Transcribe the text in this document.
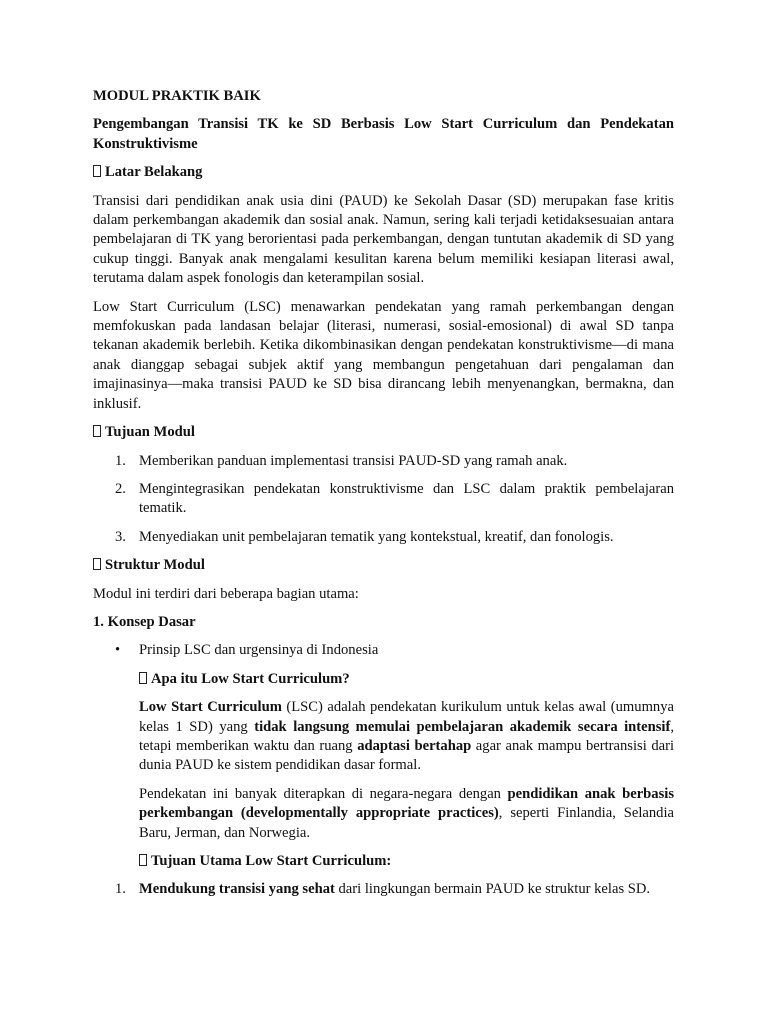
MODUL PRAKTIK BAIK

Pengembangan Transisi TK ke SD Berbasis Low Start Curriculum dan Pendekatan Konstruktivisme

Latar Belakang

Transisi dari pendidikan anak usia dini (PAUD) ke Sekolah Dasar (SD) merupakan fase kritis dalam perkembangan akademik dan sosial anak. Namun, sering kali terjadi ketidaksesuaian antara pembelajaran di TK yang berorientasi pada perkembangan, dengan tuntutan akademik di SD yang cukup tinggi. Banyak anak mengalami kesulitan karena belum memiliki kesiapan literasi awal, terutama dalam aspek fonologis dan keterampilan sosial.

Low Start Curriculum (LSC) menawarkan pendekatan yang ramah perkembangan dengan memfokuskan pada landasan belajar (literasi, numerasi, sosial-emosional) di awal SD tanpa tekanan akademik berlebih. Ketika dikombinasikan dengan pendekatan konstruktivisme—di mana anak dianggap sebagai subjek aktif yang membangun pengetahuan dari pengalaman dan imajinasinya—maka transisi PAUD ke SD bisa dirancang lebih menyenangkan, bermakna, dan inklusif.

Tujuan Modul

1. Memberikan panduan implementasi transisi PAUD-SD yang ramah anak.

2. Mengintegrasikan pendekatan konstruktivisme dan LSC dalam praktik pembelajaran tematik.

3. Menyediakan unit pembelajaran tematik yang kontekstual, kreatif, dan fonologis.

Struktur Modul

Modul ini terdiri dari beberapa bagian utama:

1. Konsep Dasar

• Prinsip LSC dan urgensinya di Indonesia

Apa itu Low Start Curriculum?

Low Start Curriculum (LSC) adalah pendekatan kurikulum untuk kelas awal (umumnya kelas 1 SD) yang tidak langsung memulai pembelajaran akademik secara intensif, tetapi memberikan waktu dan ruang adaptasi bertahap agar anak mampu bertransisi dari dunia PAUD ke sistem pendidikan dasar formal.

Pendekatan ini banyak diterapkan di negara-negara dengan pendidikan anak berbasis perkembangan (developmentally appropriate practices), seperti Finlandia, Selandia Baru, Jerman, dan Norwegia.

Tujuan Utama Low Start Curriculum:

1. Mendukung transisi yang sehat dari lingkungan bermain PAUD ke struktur kelas SD.
